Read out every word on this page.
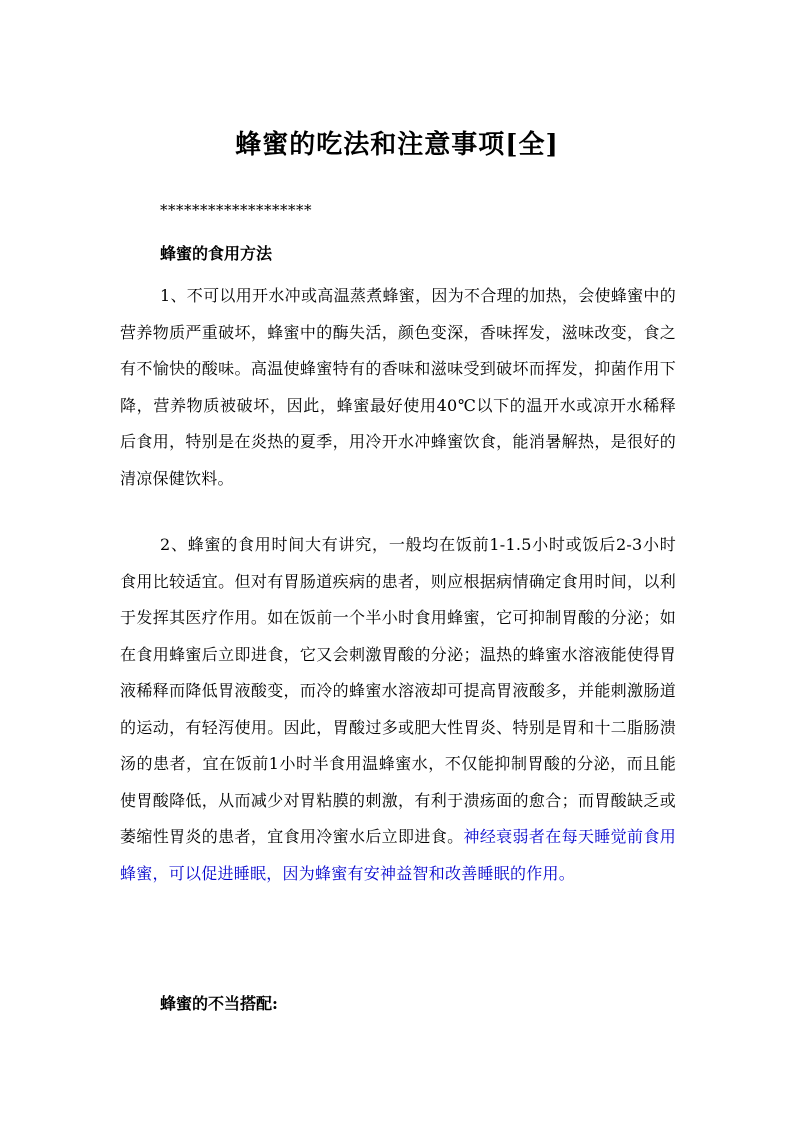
蜂蜜的吃法和注意事项[全]
*******************
蜂蜜的食用方法
1、不可以用开水冲或高温蒸煮蜂蜜，因为不合理的加热，会使蜂蜜中的营养物质严重破坏，蜂蜜中的酶失活，颜色变深，香味挥发，滋味改变，食之有不愉快的酸味。高温使蜂蜜特有的香味和滋味受到破坏而挥发，抑菌作用下降，营养物质被破坏，因此，蜂蜜最好使用40℃以下的温开水或凉开水稀释后食用，特别是在炎热的夏季，用冷开水冲蜂蜜饮食，能消暑解热，是很好的清凉保健饮料。
2、蜂蜜的食用时间大有讲究，一般均在饭前1-1.5小时或饭后2-3小时食用比较适宜。但对有胃肠道疾病的患者，则应根据病情确定食用时间，以利于发挥其医疗作用。如在饭前一个半小时食用蜂蜜，它可抑制胃酸的分泌；如在食用蜂蜜后立即进食，它又会刺激胃酸的分泌；温热的蜂蜜水溶液能使得胃液稀释而降低胃液酸变，而冷的蜂蜜水溶液却可提高胃液酸多，并能刺激肠道的运动，有轻泻使用。因此，胃酸过多或肥大性胃炎、特别是胃和十二脂肠溃汤的患者，宜在饭前1小时半食用温蜂蜜水，不仅能抑制胃酸的分泌，而且能使胃酸降低，从而减少对胃粘膜的刺激，有利于溃疡面的愈合；而胃酸缺乏或萎缩性胃炎的患者，宜食用冷蜜水后立即进食。神经衰弱者在每天睡觉前食用蜂蜜，可以促进睡眠，因为蜂蜜有安神益智和改善睡眠的作用。
蜂蜜的不当搭配:
